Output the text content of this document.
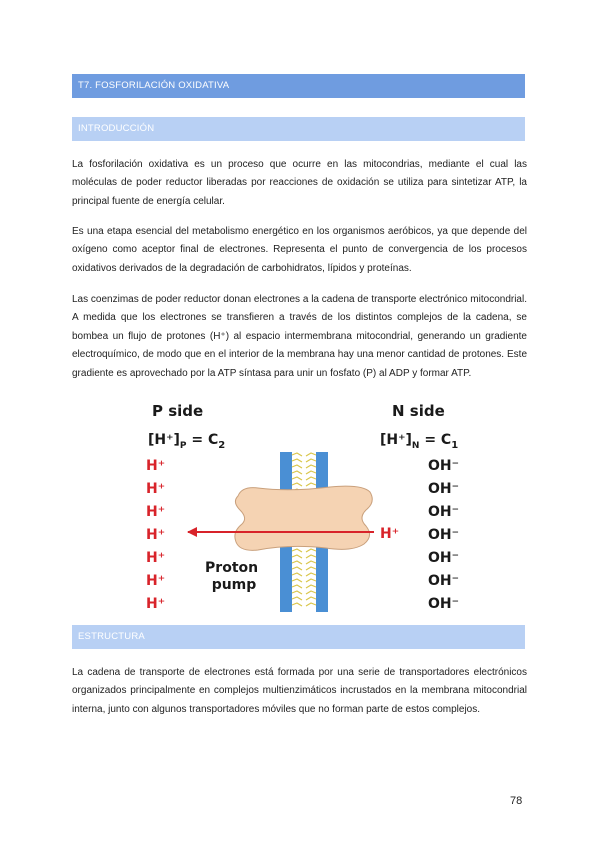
T7. FOSFORILACIÓN OXIDATIVA
INTRODUCCIÓN

La fosforilación oxidativa es un proceso que ocurre en las mitocondrias, mediante el cual las moléculas de poder reductor liberadas por reacciones de oxidación se utiliza para sintetizar ATP, la principal fuente de energía celular.

Es una etapa esencial del metabolismo energético en los organismos aeróbicos, ya que depende del oxígeno como aceptor final de electrones. Representa el punto de convergencia de los procesos oxidativos derivados de la degradación de carbohidratos, lípidos y proteínas.

Las coenzimas de poder reductor donan electrones a la cadena de transporte electrónico mitocondrial. A medida que los electrones se transfieren a través de los distintos complejos de la cadena, se bombea un flujo de protones (H⁺) al espacio intermembrana mitocondrial, generando un gradiente electroquímico, de modo que en el interior de la membrana hay una menor cantidad de protones. Este gradiente es aprovechado por la ATP síntasa para unir un fosfato (P) al ADP y formar ATP.

P side	N side
$[H^+]_P = C_2$	$[H^+]_N = C_1$
H⁺
Proton pump
H⁺
H⁺
H⁺
H⁺
H⁺
H⁺
H⁺
OH⁻
OH⁻
OH⁻
OH⁻
OH⁻
OH⁻
OH⁻
ESTRUCTURA

La cadena de transporte de electrones está formada por una serie de transportadores electrónicos organizados principalmente en complejos multienzimáticos incrustados en la membrana mitocondrial interna, junto con algunos transportadores móviles que no forman parte de estos complejos.

78
